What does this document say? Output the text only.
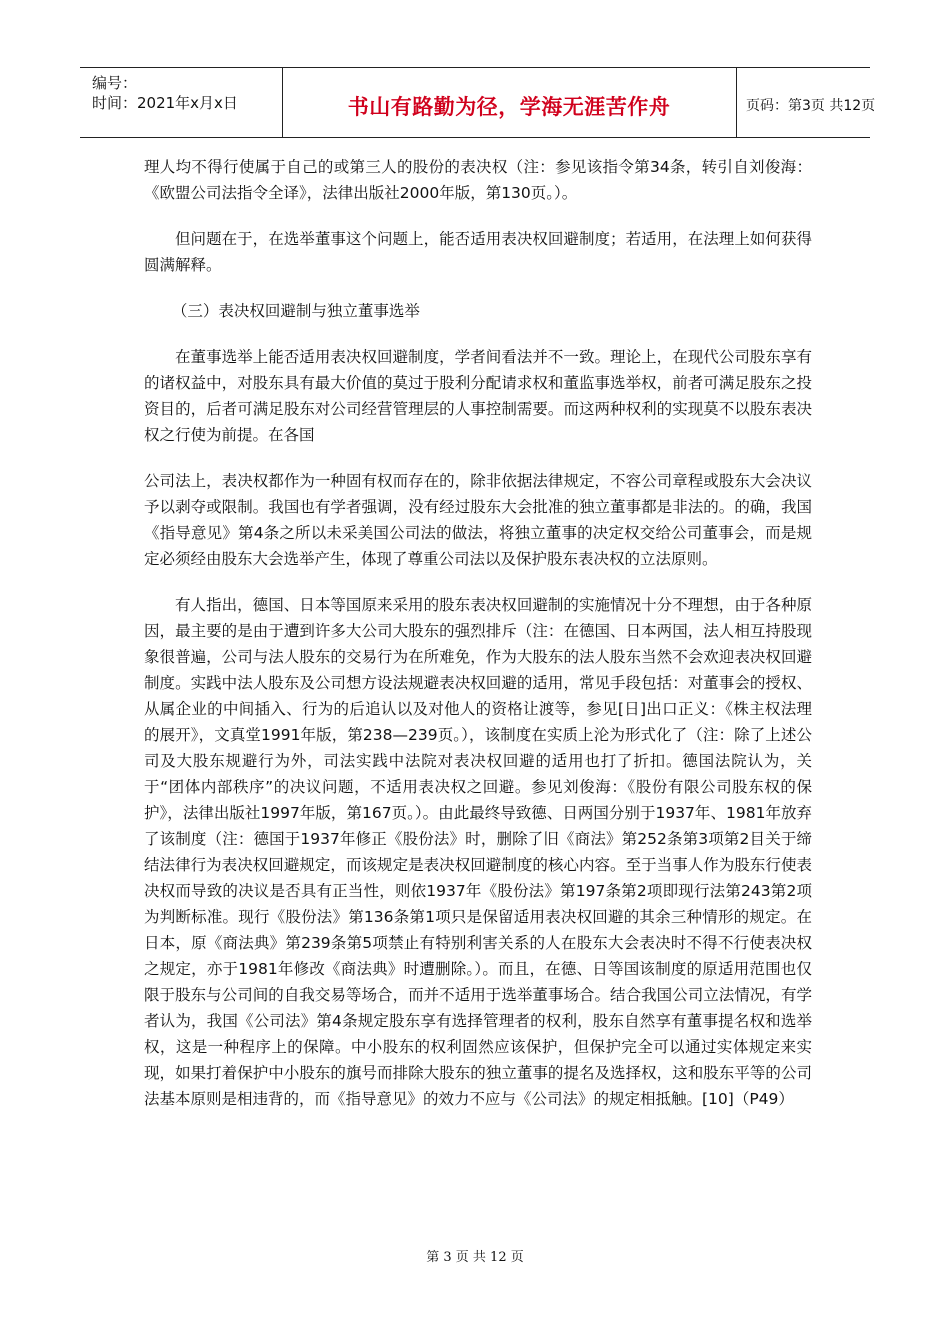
编号：
时间：2021年x月x日	书山有路勤为径，学海无涯苦作舟	页码：第3页 共12页

理人均不得行使属于自己的或第三人的股份的表决权（注：参见该指令第34条，转引自刘俊海：《欧盟公司法指令全译》，法律出版社2000年版，第130页。）。

但问题在于，在选举董事这个问题上，能否适用表决权回避制度；若适用，在法理上如何获得圆满解释。

（三）表决权回避制与独立董事选举

在董事选举上能否适用表决权回避制度，学者间看法并不一致。理论上，在现代公司股东享有的诸权益中，对股东具有最大价值的莫过于股利分配请求权和董监事选举权，前者可满足股东之投资目的，后者可满足股东对公司经营管理层的人事控制需要。而这两种权利的实现莫不以股东表决权之行使为前提。在各国

公司法上，表决权都作为一种固有权而存在的，除非依据法律规定，不容公司章程或股东大会决议予以剥夺或限制。我国也有学者强调，没有经过股东大会批准的独立董事都是非法的。的确，我国《指导意见》第4条之所以未采美国公司法的做法，将独立董事的决定权交给公司董事会，而是规定必须经由股东大会选举产生，体现了尊重公司法以及保护股东表决权的立法原则。

有人指出，德国、日本等国原来采用的股东表决权回避制的实施情况十分不理想，由于各种原因，最主要的是由于遭到许多大公司大股东的强烈排斥（注：在德国、日本两国，法人相互持股现象很普遍，公司与法人股东的交易行为在所难免，作为大股东的法人股东当然不会欢迎表决权回避制度。实践中法人股东及公司想方设法规避表决权回避的适用，常见手段包括：对董事会的授权、从属企业的中间插入、行为的后追认以及对他人的资格让渡等，参见[日]出口正义：《株主权法理的展开》，文真堂1991年版，第238—239页。），该制度在实质上沦为形式化了（注：除了上述公司及大股东规避行为外，司法实践中法院对表决权回避的适用也打了折扣。德国法院认为，关于“团体内部秩序”的决议问题，不适用表决权之回避。参见刘俊海：《股份有限公司股东权的保护》，法律出版社1997年版，第167页。）。由此最终导致德、日两国分别于1937年、1981年放弃了该制度（注：德国于1937年修正《股份法》时，删除了旧《商法》第252条第3项第2目关于缔结法律行为表决权回避规定，而该规定是表决权回避制度的核心内容。至于当事人作为股东行使表决权而导致的决议是否具有正当性，则依1937年《股份法》第197条第2项即现行法第243第2项为判断标准。现行《股份法》第136条第1项只是保留适用表决权回避的其余三种情形的规定。在日本，原《商法典》第239条第5项禁止有特别利害关系的人在股东大会表决时不得不行使表决权之规定，亦于1981年修改《商法典》时遭删除。）。而且，在德、日等国该制度的原适用范围也仅限于股东与公司间的自我交易等场合，而并不适用于选举董事场合。结合我国公司立法情况，有学者认为，我国《公司法》第4条规定股东享有选择管理者的权利，股东自然享有董事提名权和选举权，这是一种程序上的保障。中小股东的权利固然应该保护，但保护完全可以通过实体规定来实现，如果打着保护中小股东的旗号而排除大股东的独立董事的提名及选择权，这和股东平等的公司法基本原则是相违背的，而《指导意见》的效力不应与《公司法》的规定相抵触。[10]（P49）

第 3 页 共 12 页
